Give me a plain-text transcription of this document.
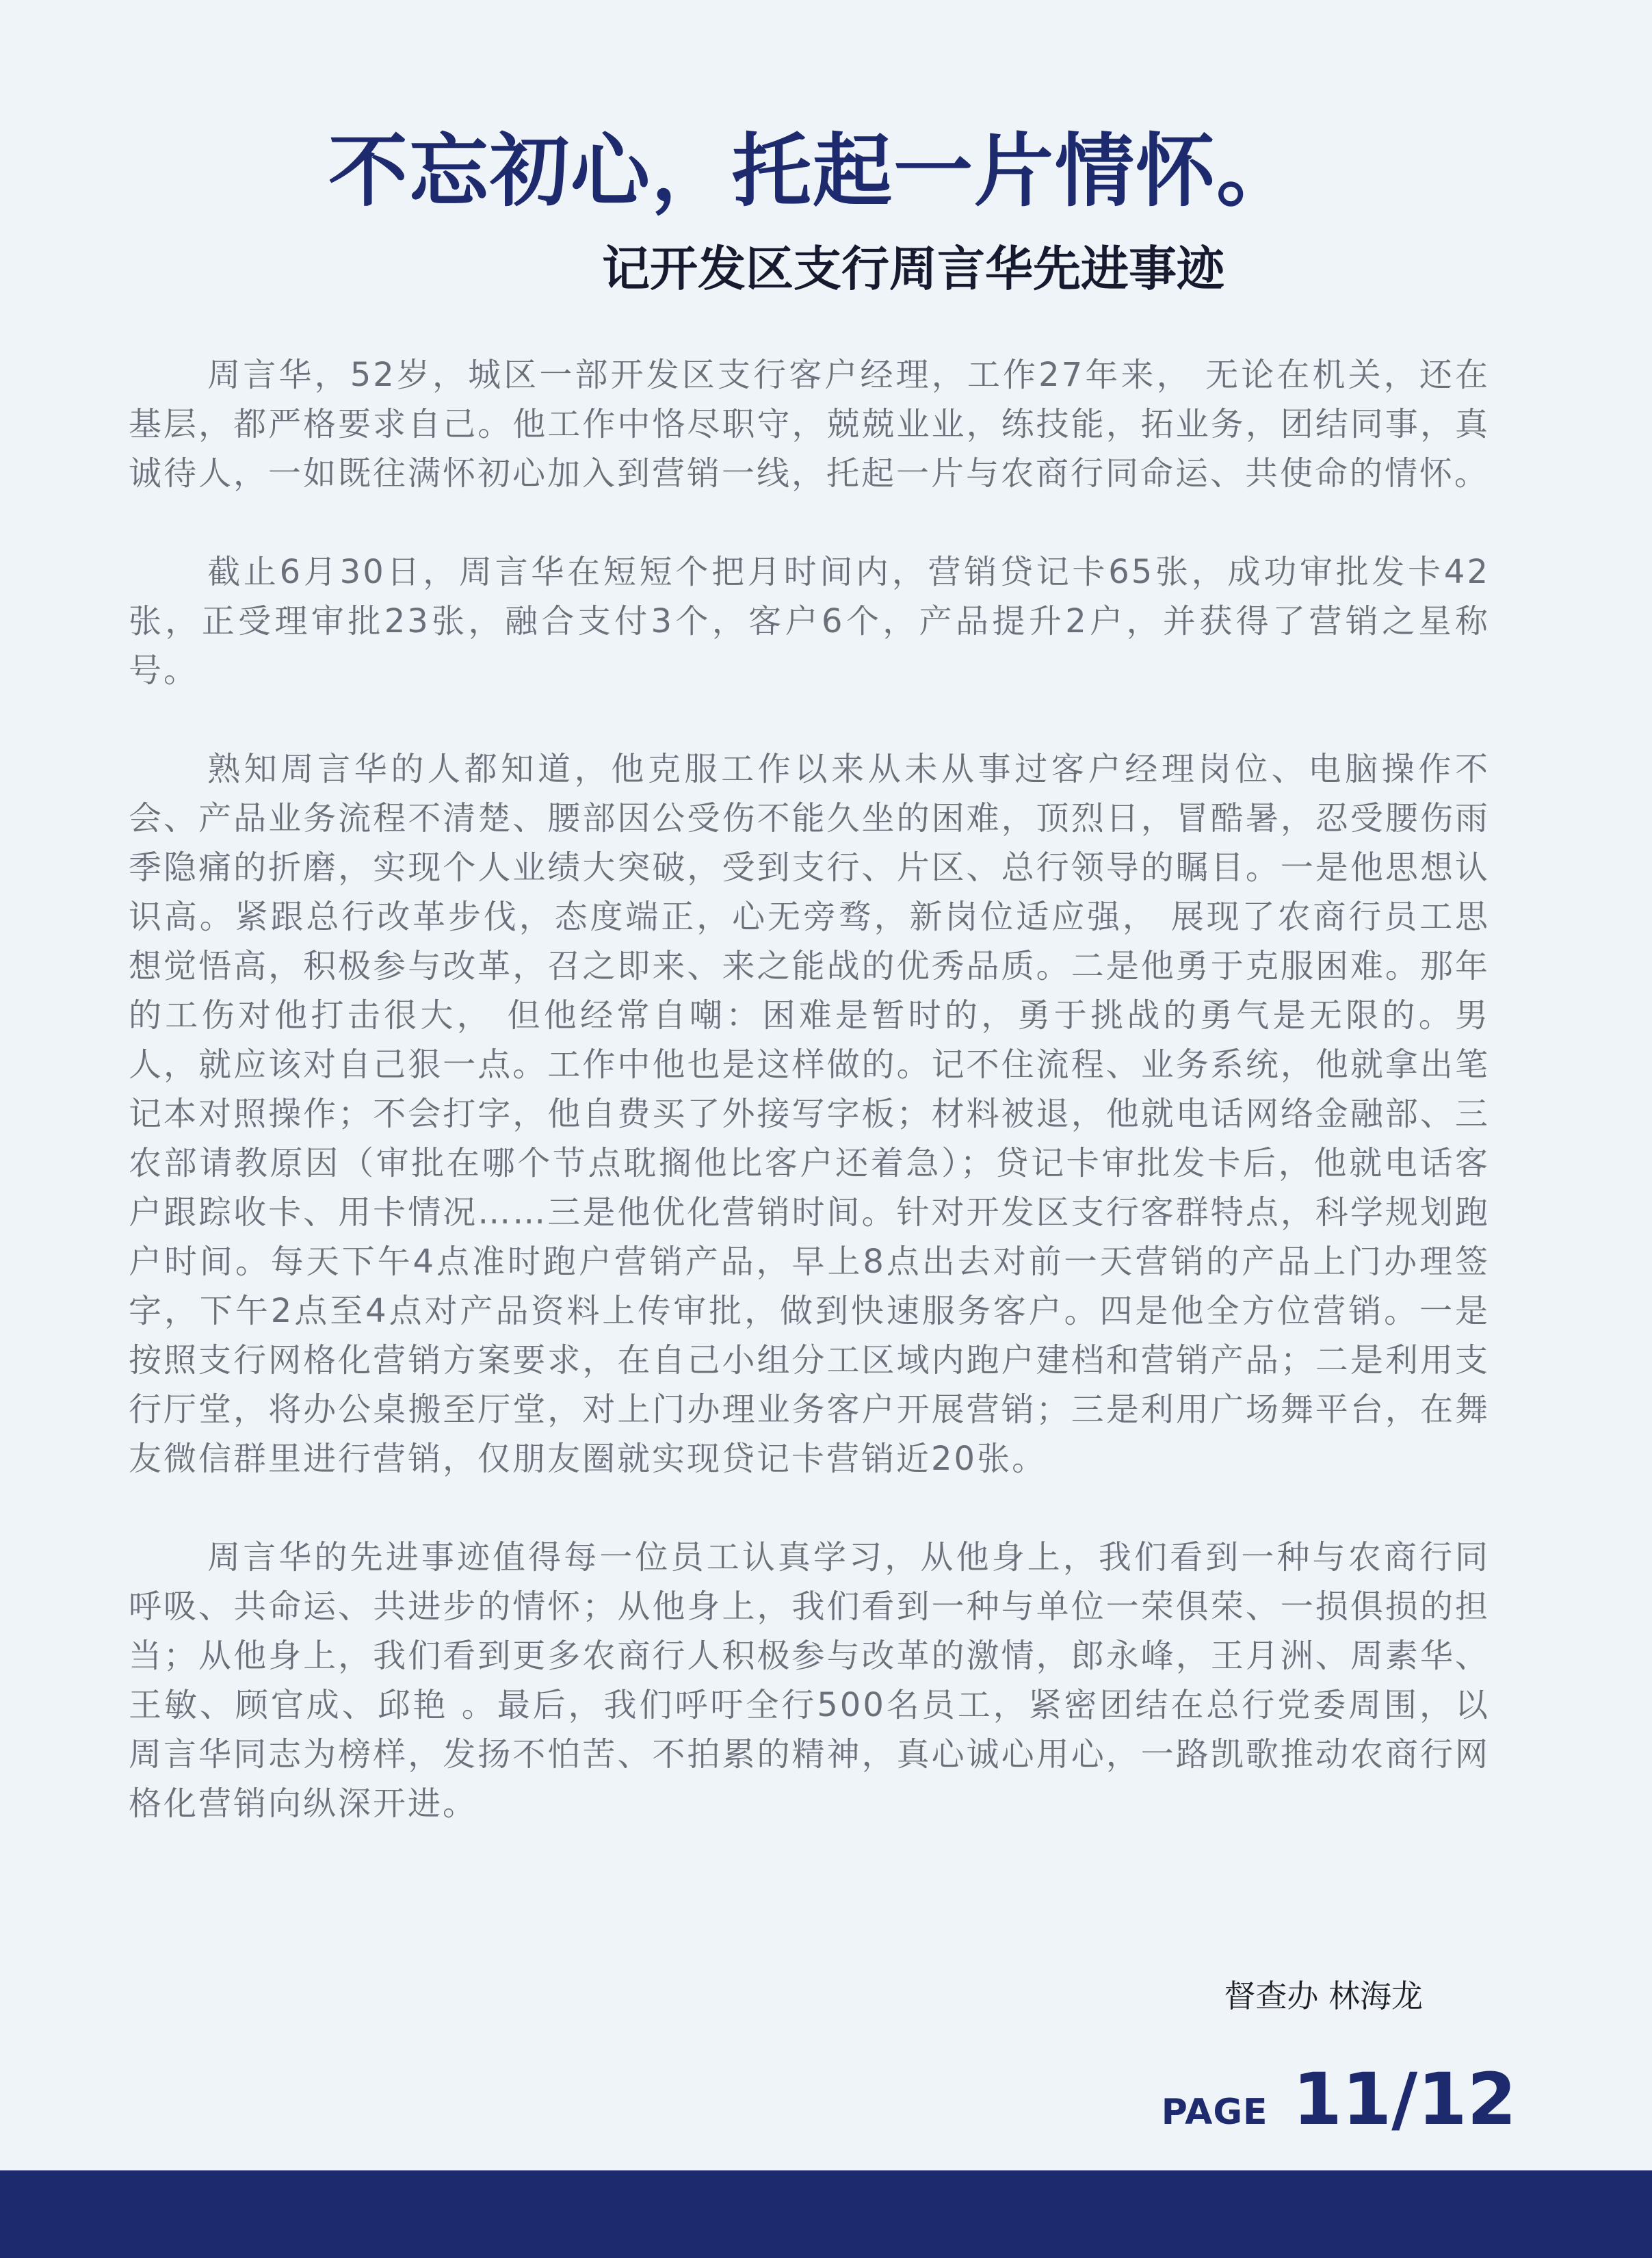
不忘初心，托起一片情怀。
记开发区支行周言华先进事迹

周言华，52岁，城区一部开发区支行客户经理，工作27年来， 无论在机关，还在基层，都严格要求自己。他工作中恪尽职守，兢兢业业，练技能，拓业务，团结同事，真诚待人，一如既往满怀初心加入到营销一线，托起一片与农商行同命运、共使命的情怀。

截止6月30日，周言华在短短个把月时间内，营销贷记卡65张，成功审批发卡42张，正受理审批23张，融合支付3个，客户6个，产品提升2户，并获得了营销之星称号。

熟知周言华的人都知道，他克服工作以来从未从事过客户经理岗位、电脑操作不会、产品业务流程不清楚、腰部因公受伤不能久坐的困难，顶烈日，冒酷暑，忍受腰伤雨季隐痛的折磨，实现个人业绩大突破，受到支行、片区、总行领导的瞩目。一是他思想认识高。紧跟总行改革步伐，态度端正，心无旁骛，新岗位适应强， 展现了农商行员工思想觉悟高，积极参与改革，召之即来、来之能战的优秀品质。二是他勇于克服困难。那年的工伤对他打击很大， 但他经常自嘲：困难是暂时的，勇于挑战的勇气是无限的。男人，就应该对自己狠一点。工作中他也是这样做的。记不住流程、业务系统，他就拿出笔记本对照操作；不会打字，他自费买了外接写字板；材料被退，他就电话网络金融部、三农部请教原因（审批在哪个节点耽搁他比客户还着急）；贷记卡审批发卡后，他就电话客户跟踪收卡、用卡情况……三是他优化营销时间。针对开发区支行客群特点，科学规划跑户时间。每天下午4点准时跑户营销产品，早上8点出去对前一天营销的产品上门办理签字，下午2点至4点对产品资料上传审批，做到快速服务客户。四是他全方位营销。一是按照支行网格化营销方案要求，在自己小组分工区域内跑户建档和营销产品；二是利用支行厅堂，将办公桌搬至厅堂，对上门办理业务客户开展营销；三是利用广场舞平台，在舞友微信群里进行营销，仅朋友圈就实现贷记卡营销近20张。

周言华的先进事迹值得每一位员工认真学习，从他身上，我们看到一种与农商行同呼吸、共命运、共进步的情怀；从他身上，我们看到一种与单位一荣俱荣、一损俱损的担当；从他身上，我们看到更多农商行人积极参与改革的激情，郎永峰，王月洲、周素华、王敏、顾官成、邱艳 。最后，我们呼吁全行500名员工，紧密团结在总行党委周围，以周言华同志为榜样，发扬不怕苦、不拍累的精神，真心诚心用心，一路凯歌推动农商行网格化营销向纵深开进。

督查办 林海龙

PAGE 11/12
